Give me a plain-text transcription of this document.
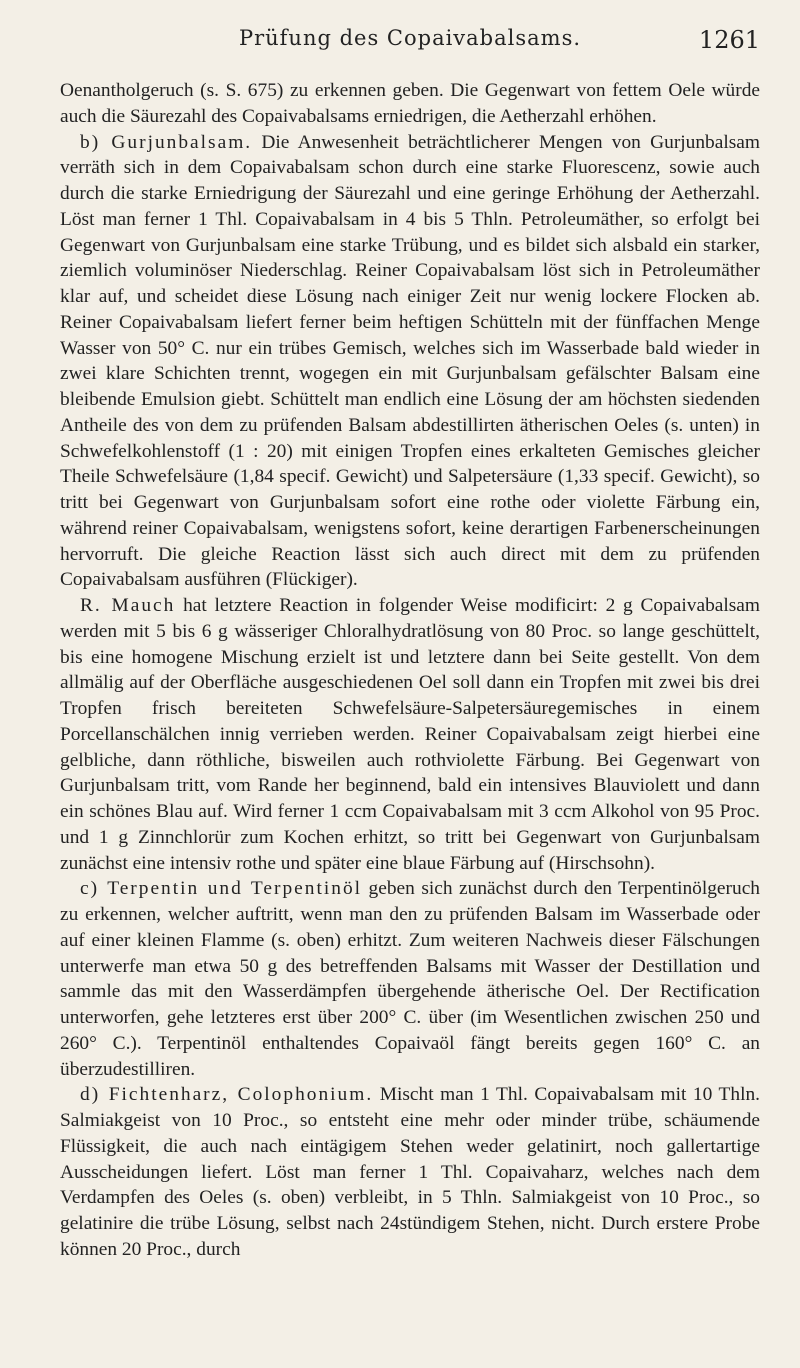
Prüfung des Copaivabalsams.	1261

Oenantholgeruch (s. S. 675) zu erkennen geben. Die Gegenwart von fettem Oele würde auch die Säurezahl des Copaivabalsams erniedrigen, die Aetherzahl erhöhen.

b) Gurjunbalsam. Die Anwesenheit beträchtlicherer Mengen von Gurjunbalsam verräth sich in dem Copaivabalsam schon durch eine starke Fluorescenz, sowie auch durch die starke Erniedrigung der Säurezahl und eine geringe Erhöhung der Aetherzahl. Löst man ferner 1 Thl. Copaivabalsam in 4 bis 5 Thln. Petroleumäther, so erfolgt bei Gegenwart von Gurjunbalsam eine starke Trübung, und es bildet sich alsbald ein starker, ziemlich voluminöser Niederschlag. Reiner Copaivabalsam löst sich in Petroleumäther klar auf, und scheidet diese Lösung nach einiger Zeit nur wenig lockere Flocken ab. Reiner Copaivabalsam liefert ferner beim heftigen Schütteln mit der fünffachen Menge Wasser von 50° C. nur ein trübes Gemisch, welches sich im Wasserbade bald wieder in zwei klare Schichten trennt, wogegen ein mit Gurjunbalsam gefälschter Balsam eine bleibende Emulsion giebt. Schüttelt man endlich eine Lösung der am höchsten siedenden Antheile des von dem zu prüfenden Balsam abdestillirten ätherischen Oeles (s. unten) in Schwefelkohlenstoff (1 : 20) mit einigen Tropfen eines erkalteten Gemisches gleicher Theile Schwefelsäure (1,84 specif. Gewicht) und Salpetersäure (1,33 specif. Gewicht), so tritt bei Gegenwart von Gurjunbalsam sofort eine rothe oder violette Färbung ein, während reiner Copaivabalsam, wenigstens sofort, keine derartigen Farbenerscheinungen hervorruft. Die gleiche Reaction lässt sich auch direct mit dem zu prüfenden Copaivabalsam ausführen (Flückiger).

R. Mauch hat letztere Reaction in folgender Weise modificirt: 2 g Copaivabalsam werden mit 5 bis 6 g wässeriger Chloralhydratlösung von 80 Proc. so lange geschüttelt, bis eine homogene Mischung erzielt ist und letztere dann bei Seite gestellt. Von dem allmälig auf der Oberfläche ausgeschiedenen Oel soll dann ein Tropfen mit zwei bis drei Tropfen frisch bereiteten Schwefelsäure-Salpetersäuregemisches in einem Porcellanschälchen innig verrieben werden. Reiner Copaivabalsam zeigt hierbei eine gelbliche, dann röthliche, bisweilen auch rothviolette Färbung. Bei Gegenwart von Gurjunbalsam tritt, vom Rande her beginnend, bald ein intensives Blauviolett und dann ein schönes Blau auf. Wird ferner 1 ccm Copaivabalsam mit 3 ccm Alkohol von 95 Proc. und 1 g Zinnchlorür zum Kochen erhitzt, so tritt bei Gegenwart von Gurjunbalsam zunächst eine intensiv rothe und später eine blaue Färbung auf (Hirschsohn).

c) Terpentin und Terpentinöl geben sich zunächst durch den Terpentinölgeruch zu erkennen, welcher auftritt, wenn man den zu prüfenden Balsam im Wasserbade oder auf einer kleinen Flamme (s. oben) erhitzt. Zum weiteren Nachweis dieser Fälschungen unterwerfe man etwa 50 g des betreffenden Balsams mit Wasser der Destillation und sammle das mit den Wasserdämpfen übergehende ätherische Oel. Der Rectification unterworfen, gehe letzteres erst über 200° C. über (im Wesentlichen zwischen 250 und 260° C.). Terpentinöl enthaltendes Copaivaöl fängt bereits gegen 160° C. an überzudestilliren.

d) Fichtenharz, Colophonium. Mischt man 1 Thl. Copaivabalsam mit 10 Thln. Salmiakgeist von 10 Proc., so entsteht eine mehr oder minder trübe, schäumende Flüssigkeit, die auch nach eintägigem Stehen weder gelatinirt, noch gallertartige Ausscheidungen liefert. Löst man ferner 1 Thl. Copaivaharz, welches nach dem Verdampfen des Oeles (s. oben) verbleibt, in 5 Thln. Salmiakgeist von 10 Proc., so gelatinire die trübe Lösung, selbst nach 24stündigem Stehen, nicht. Durch erstere Probe können 20 Proc., durch
